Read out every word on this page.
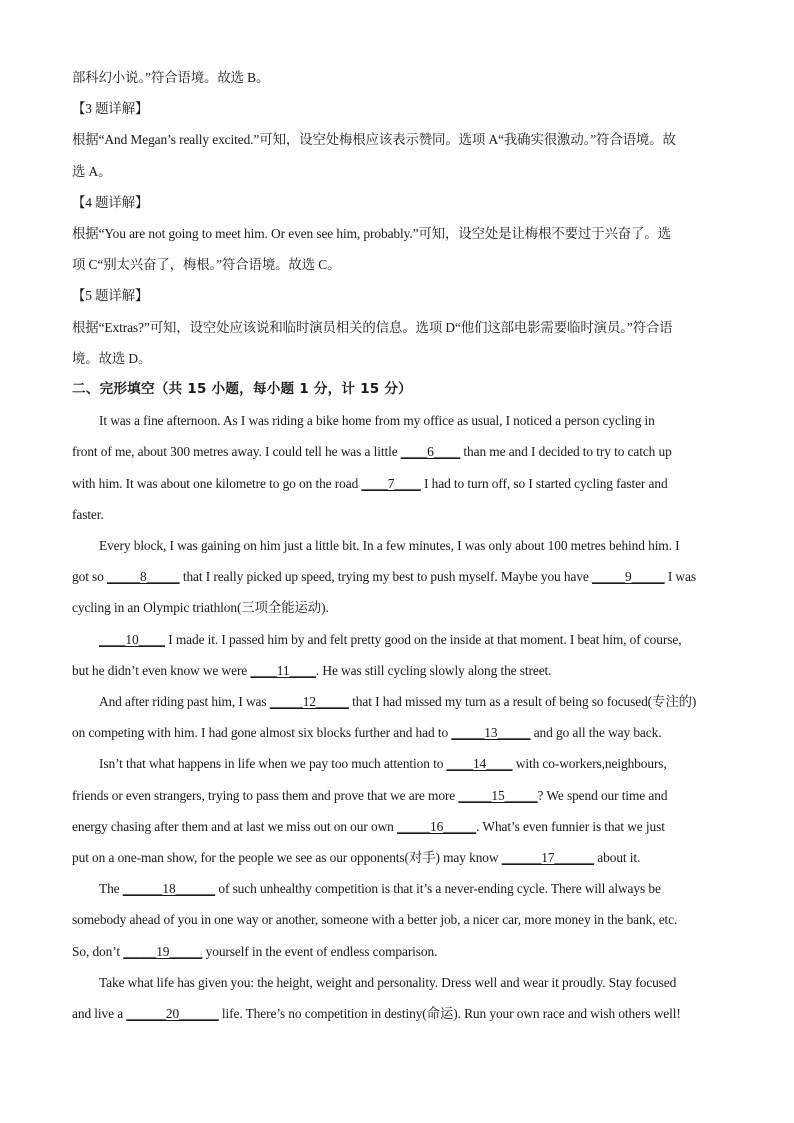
部科幻小说。”符合语境。故选 B。
【3 题详解】
根据“And Megan’s really excited.”可知，设空处梅根应该表示赞同。选项 A“我确实很激动。”符合语境。故
选 A。
【4 题详解】
根据“You are not going to meet him. Or even see him, probably.”可知，设空处是让梅根不要过于兴奋了。选
项 C“别太兴奋了，梅根。”符合语境。故选 C。
【5 题详解】
根据“Extras?”可知，设空处应该说和临时演员相关的信息。选项 D“他们这部电影需要临时演员。”符合语
境。故选 D。
二、完形填空（共 15 小题，每小题 1 分，计 15 分）
It was a fine afternoon. As I was riding a bike home from my office as usual, I noticed a person cycling in
front of me, about 300 metres away. I could tell he was a little ____6____ than me and I decided to try to catch up
with him. It was about one kilometre to go on the road ____7____ I had to turn off, so I started cycling faster and
faster.
Every block, I was gaining on him just a little bit. In a few minutes, I was only about 100 metres behind him. I
got so _____8_____ that I really picked up speed, trying my best to push myself. Maybe you have _____9_____ I was
cycling in an Olympic triathlon(三项全能运动).
____10____ I made it. I passed him by and felt pretty good on the inside at that moment. I beat him, of course,
but he didn’t even know we were ____11____. He was still cycling slowly along the street.
And after riding past him, I was _____12_____ that I had missed my turn as a result of being so focused(专注的)
on competing with him. I had gone almost six blocks further and had to _____13_____ and go all the way back.
Isn’t that what happens in life when we pay too much attention to ____14____ with co-workers,neighbours,
friends or even strangers, trying to pass them and prove that we are more _____15_____? We spend our time and
energy chasing after them and at last we miss out on our own _____16_____. What’s even funnier is that we just
put on a one-man show, for the people we see as our opponents(对手) may know ______17______ about it.
The ______18______ of such unhealthy competition is that it’s a never-ending cycle. There will always be
somebody ahead of you in one way or another, someone with a better job, a nicer car, more money in the bank, etc.
So, don’t _____19_____ yourself in the event of endless comparison.
Take what life has given you: the height, weight and personality. Dress well and wear it proudly. Stay focused
and live a ______20______ life. There’s no competition in destiny(命运). Run your own race and wish others well!
